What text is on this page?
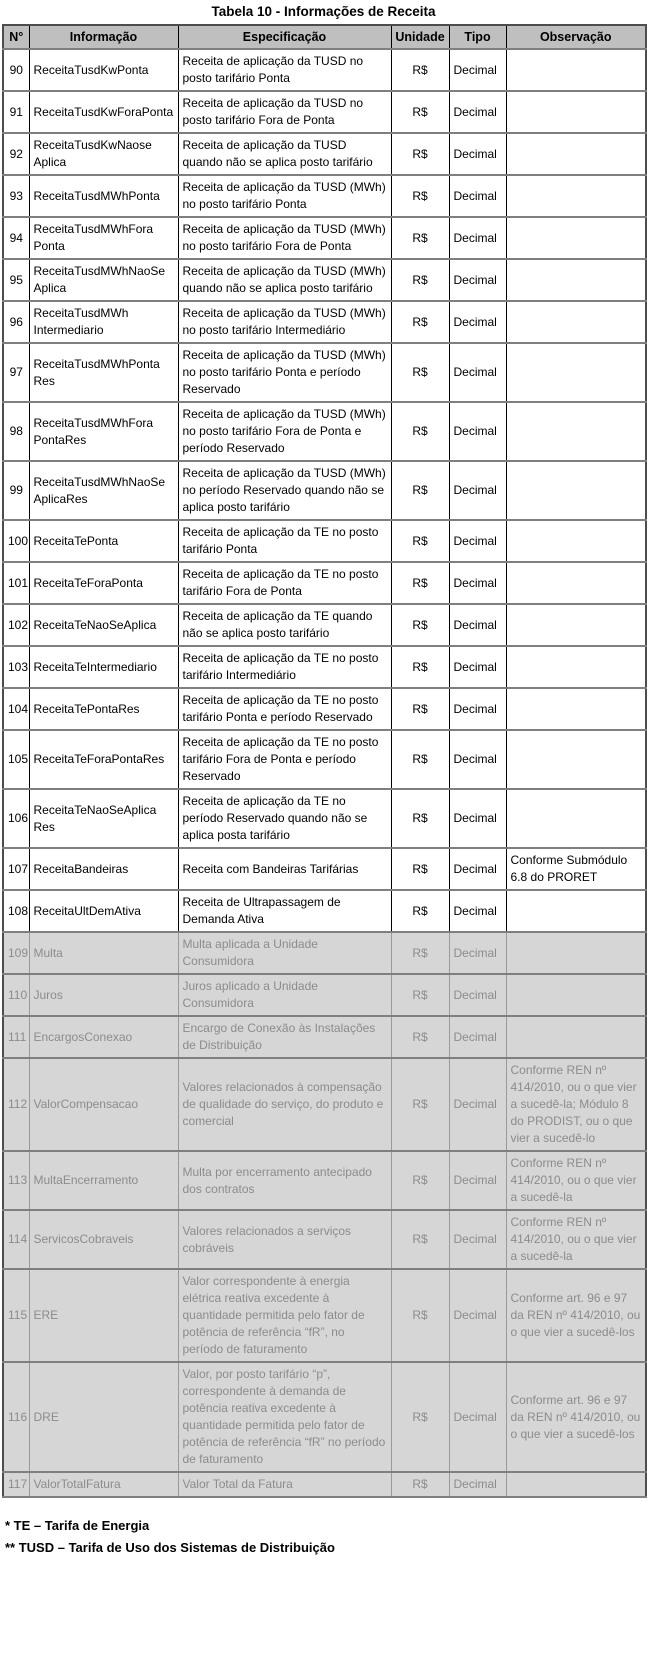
Tabela 10 - Informações de Receita
N°	Informação	Especificação	Unidade	Tipo	Observação
90	ReceitaTusdKwPonta	Receita de aplicação da TUSD no posto tarifário Ponta	R$	Decimal	
91	ReceitaTusdKwForaPonta	Receita de aplicação da TUSD no posto tarifário Fora de Ponta	R$	Decimal	
92	ReceitaTusdKwNaose Aplica	Receita de aplicação da TUSD quando não se aplica posto tarifário	R$	Decimal	
93	ReceitaTusdMWhPonta	Receita de aplicação da TUSD (MWh) no posto tarifário Ponta	R$	Decimal	
94	ReceitaTusdMWhFora Ponta	Receita de aplicação da TUSD (MWh) no posto tarifário Fora de Ponta	R$	Decimal	
95	ReceitaTusdMWhNaoSe Aplica	Receita de aplicação da TUSD (MWh) quando não se aplica posto tarifário	R$	Decimal	
96	ReceitaTusdMWh Intermediario	Receita de aplicação da TUSD (MWh) no posto tarifário Intermediário	R$	Decimal	
97	ReceitaTusdMWhPonta Res	Receita de aplicação da TUSD (MWh) no posto tarifário Ponta e período Reservado	R$	Decimal	
98	ReceitaTusdMWhFora PontaRes	Receita de aplicação da TUSD (MWh) no posto tarifário Fora de Ponta e período Reservado	R$	Decimal	
99	ReceitaTusdMWhNaoSe AplicaRes	Receita de aplicação da TUSD (MWh) no período Reservado quando não se aplica posto tarifário	R$	Decimal	
100	ReceitaTePonta	Receita de aplicação da TE no posto tarifário Ponta	R$	Decimal	
101	ReceitaTeForaPonta	Receita de aplicação da TE no posto tarifário Fora de Ponta	R$	Decimal	
102	ReceitaTeNaoSeAplica	Receita de aplicação da TE quando não se aplica posto tarifário	R$	Decimal	
103	ReceitaTeIntermediario	Receita de aplicação da TE no posto tarifário Intermediário	R$	Decimal	
104	ReceitaTePontaRes	Receita de aplicação da TE no posto tarifário Ponta e período Reservado	R$	Decimal	
105	ReceitaTeForaPontaRes	Receita de aplicação da TE no posto tarifário Fora de Ponta e período Reservado	R$	Decimal	
106	ReceitaTeNaoSeAplica Res	Receita de aplicação da TE no período Reservado quando não se aplica posta tarifário	R$	Decimal	
107	ReceitaBandeiras	Receita com Bandeiras Tarifárias	R$	Decimal	Conforme Submódulo 6.8 do PRORET
108	ReceitaUltDemAtiva	Receita de Ultrapassagem de Demanda Ativa	R$	Decimal	
109	Multa	Multa aplicada a Unidade Consumidora	R$	Decimal	
110	Juros	Juros aplicado a Unidade Consumidora	R$	Decimal	
111	EncargosConexao	Encargo de Conexão às Instalações de Distribuição	R$	Decimal	
112	ValorCompensacao	Valores relacionados à compensação de qualidade do serviço, do produto e comercial	R$	Decimal	Conforme REN nº 414/2010, ou o que vier a sucedê-la; Módulo 8 do PRODIST, ou o que vier a sucedê-lo
113	MultaEncerramento	Multa por encerramento antecipado dos contratos	R$	Decimal	Conforme REN nº 414/2010, ou o que vier a sucedê-la
114	ServicosCobraveis	Valores relacionados a serviços cobráveis	R$	Decimal	Conforme REN nº 414/2010, ou o que vier a sucedê-la
115	ERE	Valor correspondente à energia elétrica reativa excedente à quantidade permitida pelo fator de potência de referência “fR”, no período de faturamento	R$	Decimal	Conforme art. 96 e 97 da REN nº 414/2010, ou o que vier a sucedê-los
116	DRE	Valor, por posto tarifário “p”, correspondente à demanda de potência reativa excedente à quantidade permitida pelo fator de potência de referência “fR” no período de faturamento	R$	Decimal	Conforme art. 96 e 97 da REN nº 414/2010, ou o que vier a sucedê-los
117	ValorTotalFatura	Valor Total da Fatura	R$	Decimal	
* TE – Tarifa de Energia
** TUSD – Tarifa de Uso dos Sistemas de Distribuição
